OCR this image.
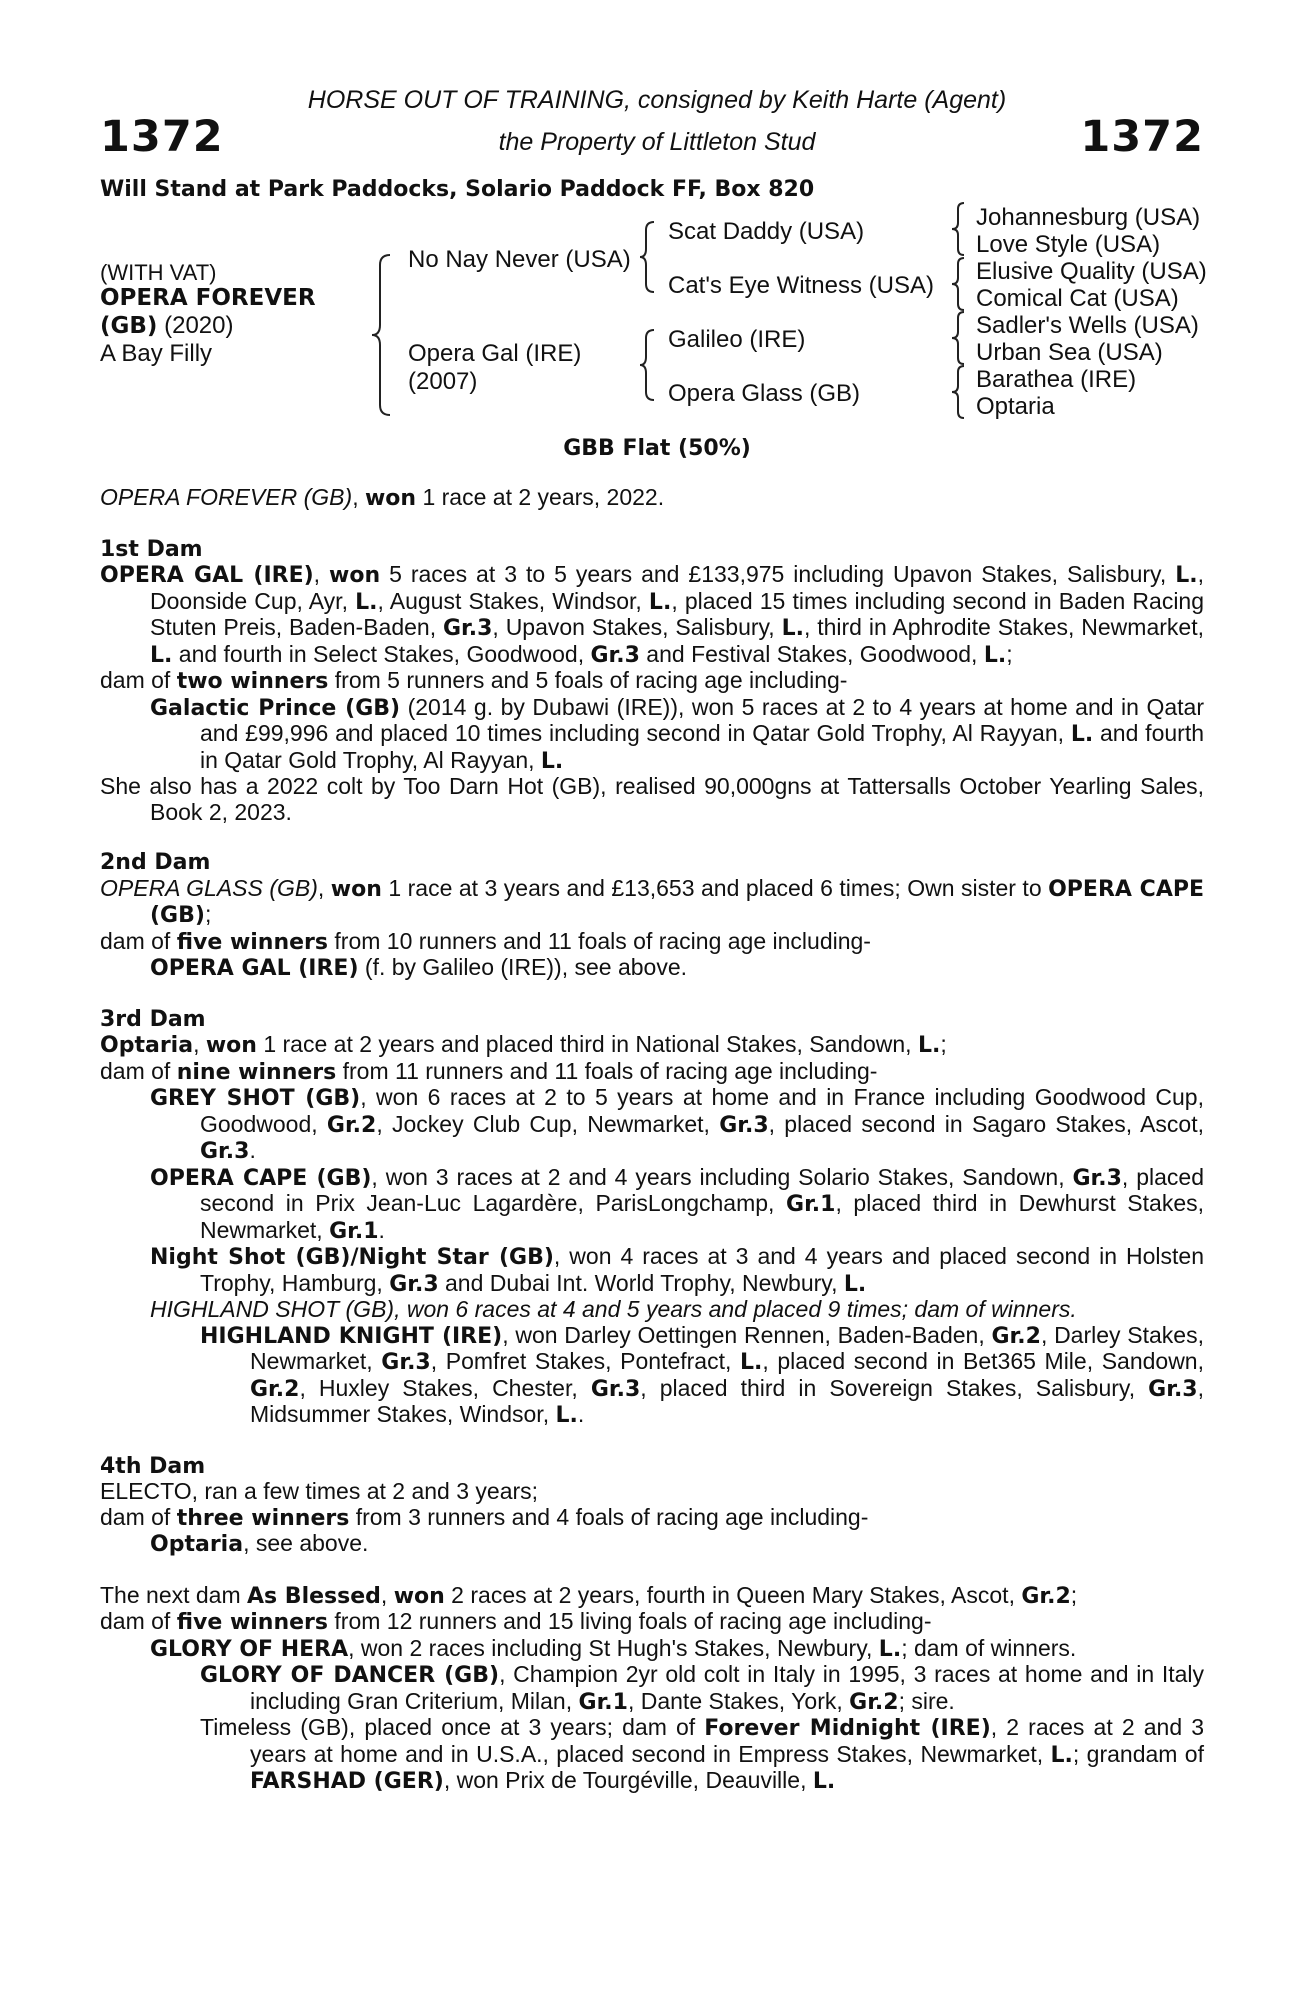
1372	1372
HORSE OUT OF TRAINING, consigned by Keith Harte (Agent)
the Property of Littleton Stud
Will Stand at Park Paddocks, Solario Paddock FF, Box 820
(WITH VAT)
OPERA FOREVER
(GB) (2020)
A Bay Filly
No Nay Never (USA)
Opera Gal (IRE)
(2007)
Scat Daddy (USA)
Cat's Eye Witness (USA)
Galileo (IRE)
Opera Glass (GB)
Johannesburg (USA)
Love Style (USA)
Elusive Quality (USA)
Comical Cat (USA)
Sadler's Wells (USA)
Urban Sea (USA)
Barathea (IRE)
Optaria
GBB Flat (50%)

OPERA FOREVER (GB), won 1 race at 2 years, 2022.

1st Dam

OPERA GAL (IRE), won 5 races at 3 to 5 years and £133,975 including Upavon Stakes, Salisbury, L., Doonside Cup, Ayr, L., August Stakes, Windsor, L., placed 15 times including second in Baden Racing Stuten Preis, Baden-Baden, Gr.3, Upavon Stakes, Salisbury, L., third in Aphrodite Stakes, Newmarket, L. and fourth in Select Stakes, Goodwood, Gr.3 and Festival Stakes, Goodwood, L.;

dam of two winners from 5 runners and 5 foals of racing age including-

Galactic Prince (GB) (2014 g. by Dubawi (IRE)), won 5 races at 2 to 4 years at home and in Qatar and £99,996 and placed 10 times including second in Qatar Gold Trophy, Al Rayyan, L. and fourth in Qatar Gold Trophy, Al Rayyan, L.

She also has a 2022 colt by Too Darn Hot (GB), realised 90,000gns at Tattersalls October Yearling Sales, Book 2, 2023.

2nd Dam

OPERA GLASS (GB), won 1 race at 3 years and £13,653 and placed 6 times; Own sister to OPERA CAPE (GB);

dam of five winners from 10 runners and 11 foals of racing age including-

OPERA GAL (IRE) (f. by Galileo (IRE)), see above.

3rd Dam

Optaria, won 1 race at 2 years and placed third in National Stakes, Sandown, L.;

dam of nine winners from 11 runners and 11 foals of racing age including-

GREY SHOT (GB), won 6 races at 2 to 5 years at home and in France including Goodwood Cup, Goodwood, Gr.2, Jockey Club Cup, Newmarket, Gr.3, placed second in Sagaro Stakes, Ascot, Gr.3.

OPERA CAPE (GB), won 3 races at 2 and 4 years including Solario Stakes, Sandown, Gr.3, placed second in Prix Jean-Luc Lagardère, ParisLongchamp, Gr.1, placed third in Dewhurst Stakes, Newmarket, Gr.1.

Night Shot (GB)/Night Star (GB), won 4 races at 3 and 4 years and placed second in Holsten Trophy, Hamburg, Gr.3 and Dubai Int. World Trophy, Newbury, L.

HIGHLAND SHOT (GB), won 6 races at 4 and 5 years and placed 9 times; dam of winners.

HIGHLAND KNIGHT (IRE), won Darley Oettingen Rennen, Baden-Baden, Gr.2, Darley Stakes, Newmarket, Gr.3, Pomfret Stakes, Pontefract, L., placed second in Bet365 Mile, Sandown, Gr.2, Huxley Stakes, Chester, Gr.3, placed third in Sovereign Stakes, Salisbury, Gr.3, Midsummer Stakes, Windsor, L..

4th Dam

ELECTO, ran a few times at 2 and 3 years;

dam of three winners from 3 runners and 4 foals of racing age including-

Optaria, see above.

The next dam As Blessed, won 2 races at 2 years, fourth in Queen Mary Stakes, Ascot, Gr.2;

dam of five winners from 12 runners and 15 living foals of racing age including-

GLORY OF HERA, won 2 races including St Hugh's Stakes, Newbury, L.; dam of winners.

GLORY OF DANCER (GB), Champion 2yr old colt in Italy in 1995, 3 races at home and in Italy including Gran Criterium, Milan, Gr.1, Dante Stakes, York, Gr.2; sire.

Timeless (GB), placed once at 3 years; dam of Forever Midnight (IRE), 2 races at 2 and 3 years at home and in U.S.A., placed second in Empress Stakes, Newmarket, L.; grandam of FARSHAD (GER), won Prix de Tourgéville, Deauville, L.
